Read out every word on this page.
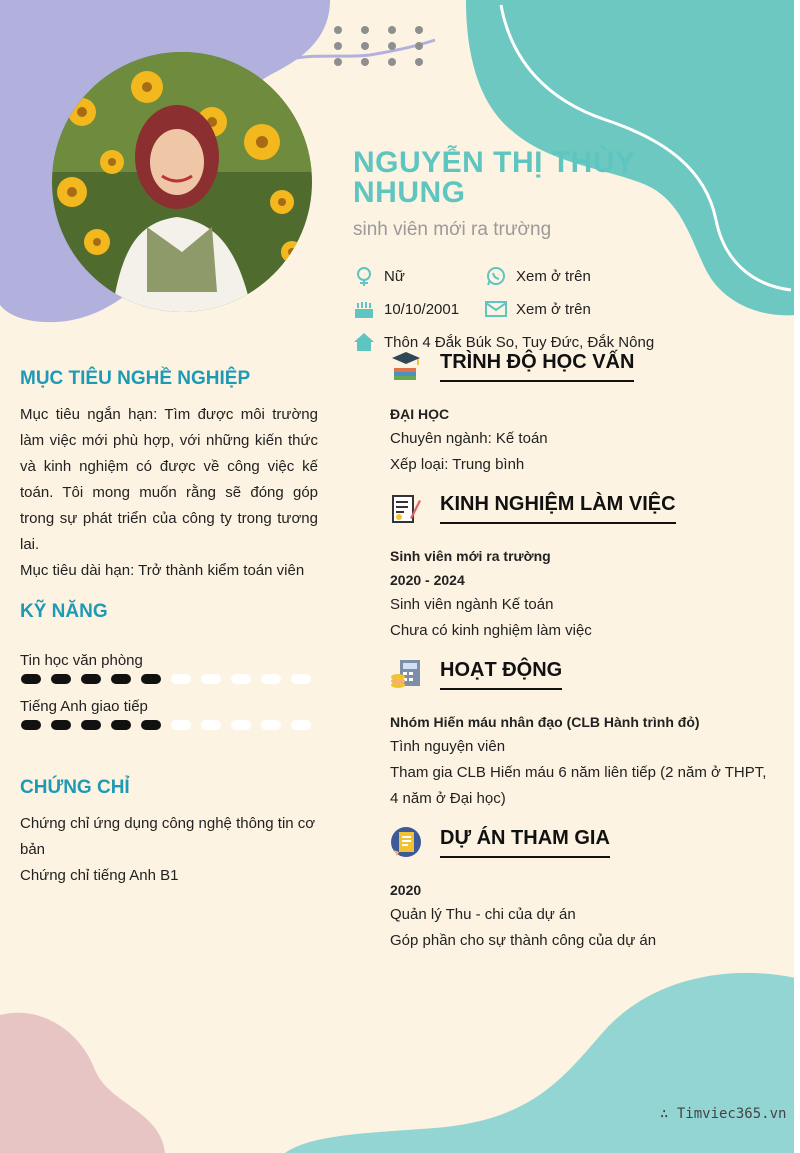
NGUYỄN THỊ THÙY NHUNG
sinh viên mới ra trường
Nữ	Xem ở trên
10/10/2001	Xem ở trên
Thôn 4 Đắk Búk So, Tuy Đức, Đắk Nông
MỤC TIÊU NGHỀ NGHIỆP

Mục tiêu ngắn hạn: Tìm được môi trường làm việc mới phù hợp, với những kiến thức và kinh nghiệm có được về công việc kế toán. Tôi mong muốn rằng sẽ đóng góp trong sự phát triển của công ty trong tương lai.

Mục tiêu dài hạn: Trở thành kiểm toán viên

KỸ NĂNG
Tin học văn phòng
Tiếng Anh giao tiếp
CHỨNG CHỈ

Chứng chỉ ứng dụng công nghệ thông tin cơ bản

Chứng chỉ tiếng Anh B1

TRÌNH ĐỘ HỌC VẤN

ĐẠI HỌC

Chuyên ngành: Kế toán

Xếp loại: Trung bình

KINH NGHIỆM LÀM VIỆC

Sinh viên mới ra trường

2020 - 2024

Sinh viên ngành Kế toán

Chưa có kinh nghiệm làm việc

HOẠT ĐỘNG

Nhóm Hiến máu nhân đạo (CLB Hành trình đỏ)

Tình nguyện viên

Tham gia CLB Hiến máu 6 năm liên tiếp (2 năm ở THPT, 4 năm ở Đại học)

DỰ ÁN THAM GIA

2020

Quản lý Thu - chi của dự án

Góp phần cho sự thành công của dự án

∴ Timviec365.vn
